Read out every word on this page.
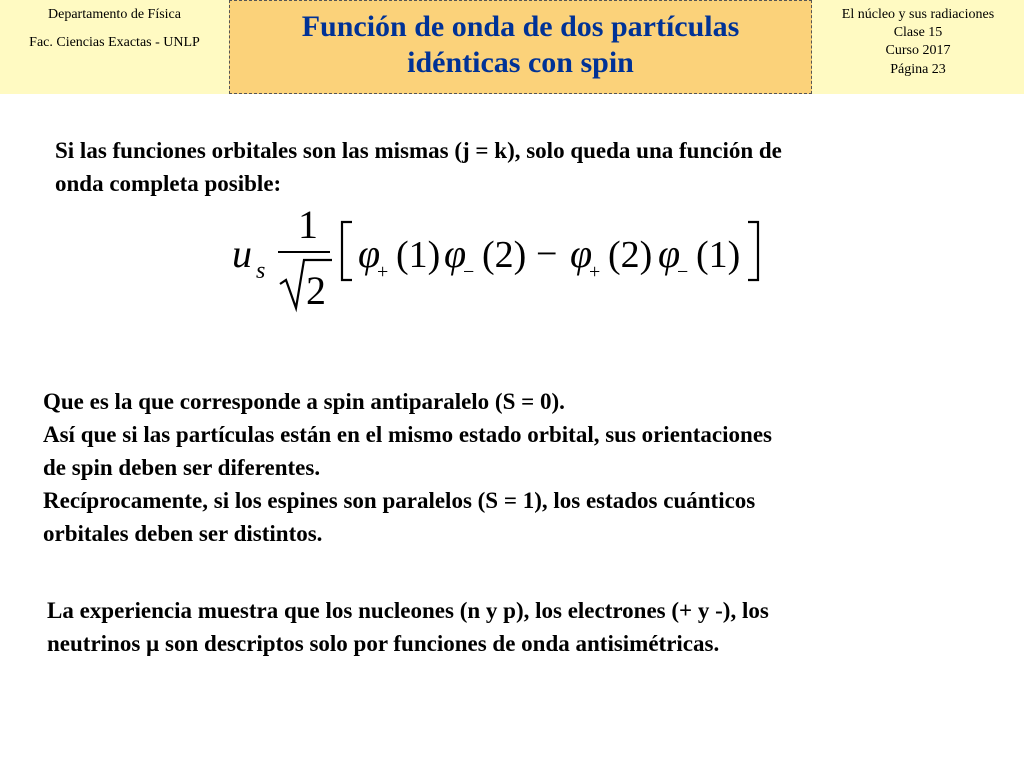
Departamento de Física
Fac. Ciencias Exactas - UNLP	Función de onda de dos partículas
idénticas con spin
El núcleo y sus radiaciones
Clase 15
Curso 2017
Página 23
Si las funciones orbitales son las mismas (j = k), solo queda una función de
onda completa posible:
u s
1
2
φ
+ (1) φ
− (2) − φ
+ (2) φ
− (1)
Que es la que corresponde a spin antiparalelo (S = 0).
Así que si las partículas están en el mismo estado orbital, sus orientaciones
de spin deben ser diferentes.
Recíprocamente, si los espines son paralelos (S = 1), los estados cuánticos
orbitales deben ser distintos.
La experiencia muestra que los nucleones (n y p), los electrones (+ y -), los
neutrinos µ son descriptos solo por funciones de onda antisimétricas.
